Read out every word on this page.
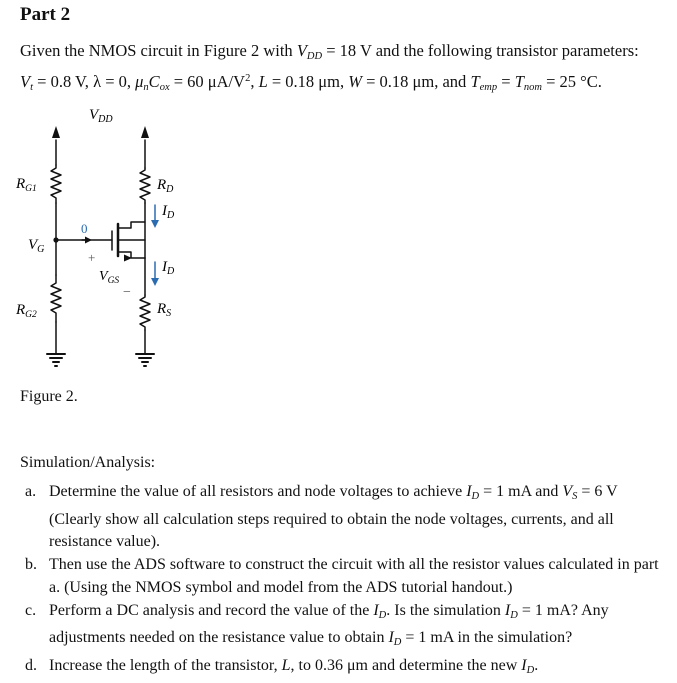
Part 2
Given the NMOS circuit in Figure 2 with $V_{DD} = 18$ V and the following transistor parameters:
$V_t = 0.8$ V, λ = 0, $\mu_nC_{ox} = 60$ $\mu A/V^2$, L = 0.18 μm, W = 0.18 μm, and $T_{emp} = T_{nom} = 25$ °C.
$V_{DD}$
$R_{G1}$
$R_{G2}$
$V_G$
0
+
−
$V_{GS}$
$R_D$
$I_D$
$I_D$
$R_S$
Figure 2.
Simulation/Analysis:
a. Determine the value of all resistors and node voltages to achieve $I_D = 1$ mA and $V_S = 6$ V (Clearly show all calculation steps required to obtain the node voltages, currents, and all resistance value).
b. Then use the ADS software to construct the circuit with all the resistor values calculated in part a. (Using the NMOS symbol and model from the ADS tutorial handout.)
c. Perform a DC analysis and record the value of the $I_D$. Is the simulation $I_D = 1$ mA? Any adjustments needed on the resistance value to obtain $I_D = 1$ mA in the simulation?
d. Increase the length of the transistor, L, to 0.36 μm and determine the new $I_D$.
